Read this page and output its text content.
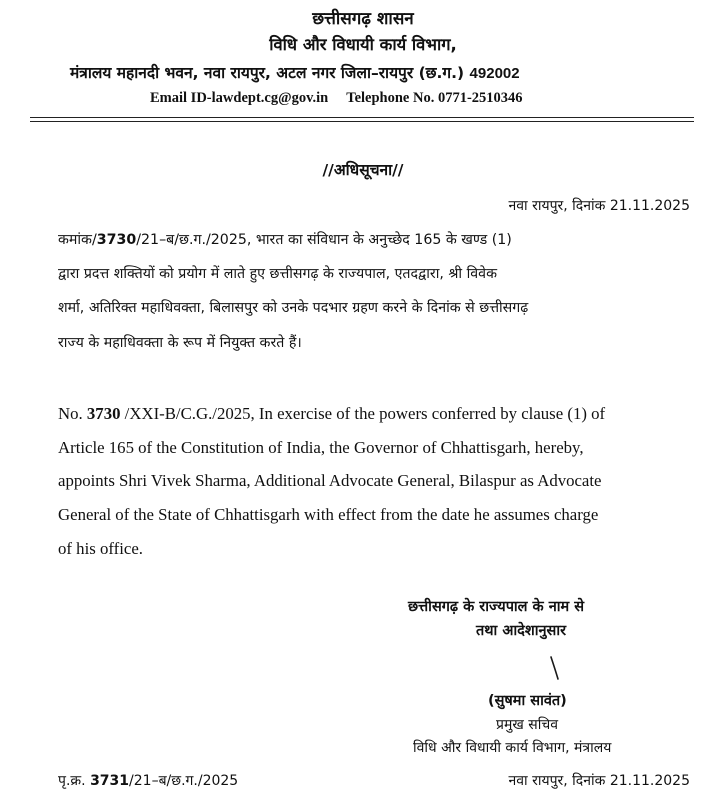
छत्तीसगढ़ शासन
विधि और विधायी कार्य विभाग,
मंत्रालय महानदी भवन, नवा रायपुर, अटल नगर जिला–रायपुर (छ.ग.) 492002
Email ID-lawdept.cg@gov.in Telephone No. 0771-2510346
//अधिसूचना//
नवा रायपुर, दिनांक 21.11.2025
कमांक/3730/21–ब/छ.ग./2025, भारत का संविधान के अनुच्छेद 165 के खण्ड (1)
द्वारा प्रदत्त शक्तियों को प्रयोग में लाते हुए छत्तीसगढ़ के राज्यपाल, एतदद्वारा, श्री विवेक
शर्मा, अतिरिक्त महाधिवक्ता, बिलासपुर को उनके पदभार ग्रहण करने के दिनांक से छत्तीसगढ़
राज्य के महाधिवक्ता के रूप में नियुक्त करते हैं।
No. 3730 /XXI-B/C.G./2025, In exercise of the powers conferred by clause (1) of
Article 165 of the Constitution of India, the Governor of Chhattisgarh, hereby,
appoints Shri Vivek Sharma, Additional Advocate General, Bilaspur as Advocate
General of the State of Chhattisgarh with effect from the date he assumes charge
of his office.
छत्तीसगढ़ के राज्यपाल के नाम से
तथा आदेशानुसार
(सुषमा सावंत)
प्रमुख सचिव
विधि और विधायी कार्य विभाग, मंत्रालय
पृ.क्र. 3731/21–ब/छ.ग./2025	नवा रायपुर, दिनांक 21.11.2025
